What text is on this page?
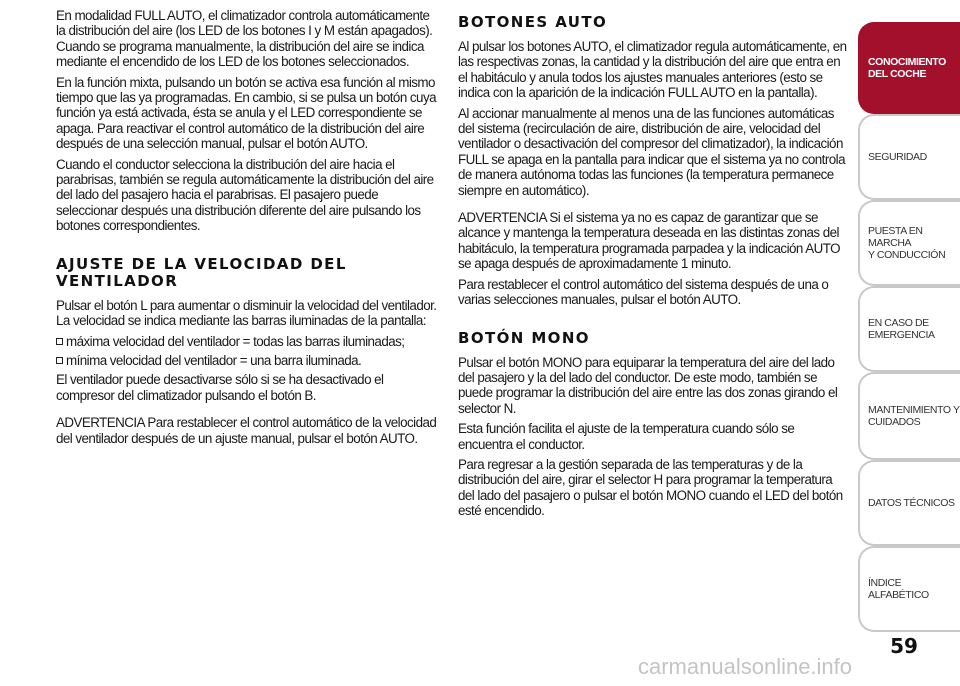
En modalidad FULL AUTO, el climatizador controla automáticamente la distribución del aire (los LED de los botones I y M están apagados). Cuando se programa manualmente, la distribución del aire se indica mediante el encendido de los LED de los botones seleccionados.

En la función mixta, pulsando un botón se activa esa función al mismo tiempo que las ya programadas. En cambio, si se pulsa un botón cuya función ya está activada, ésta se anula y el LED correspondiente se apaga. Para reactivar el control automático de la distribución del aire después de una selección manual, pulsar el botón AUTO.

Cuando el conductor selecciona la distribución del aire hacia el parabrisas, también se regula automáticamente la distribución del aire del lado del pasajero hacia el parabrisas. El pasajero puede seleccionar después una distribución diferente del aire pulsando los botones correspondientes.

AJUSTE DE LA VELOCIDAD DEL VENTILADOR

Pulsar el botón L para aumentar o disminuir la velocidad del ventilador. La velocidad se indica mediante las barras iluminadas de la pantalla:

máxima velocidad del ventilador = todas las barras iluminadas;

mínima velocidad del ventilador = una barra iluminada.

El ventilador puede desactivarse sólo si se ha desactivado el compresor del climatizador pulsando el botón B.

ADVERTENCIA Para restablecer el control automático de la velocidad del ventilador después de un ajuste manual, pulsar el botón AUTO.

BOTONES AUTO

Al pulsar los botones AUTO, el climatizador regula automáticamente, en las respectivas zonas, la cantidad y la distribución del aire que entra en el habitáculo y anula todos los ajustes manuales anteriores (esto se indica con la aparición de la indicación FULL AUTO en la pantalla).

Al accionar manualmente al menos una de las funciones automáticas del sistema (recirculación de aire, distribución de aire, velocidad del ventilador o desactivación del compresor del climatizador), la indicación FULL se apaga en la pantalla para indicar que el sistema ya no controla de manera autónoma todas las funciones (la temperatura permanece siempre en automático).

ADVERTENCIA Si el sistema ya no es capaz de garantizar que se alcance y mantenga la temperatura deseada en las distintas zonas del habitáculo, la temperatura programada parpadea y la indicación AUTO se apaga después de aproximadamente 1 minuto.

Para restablecer el control automático del sistema después de una o varias selecciones manuales, pulsar el botón AUTO.

BOTÓN MONO

Pulsar el botón MONO para equiparar la temperatura del aire del lado del pasajero y la del lado del conductor. De este modo, también se puede programar la distribución del aire entre las dos zonas girando el selector N.

Esta función facilita el ajuste de la temperatura cuando sólo se encuentra el conductor.

Para regresar a la gestión separada de las temperaturas y de la distribución del aire, girar el selector H para programar la temperatura del lado del pasajero o pulsar el botón MONO cuando el LED del botón esté encendido.

CONOCIMIENTO
DEL COCHE
SEGURIDAD
PUESTA EN MARCHA
Y CONDUCCIÓN
EN CASO DE
EMERGENCIA
MANTENIMIENTO Y
CUIDADOS
DATOS TÉCNICOS
ÍNDICE ALFABÉTICO
59
carmanualsonline.info
